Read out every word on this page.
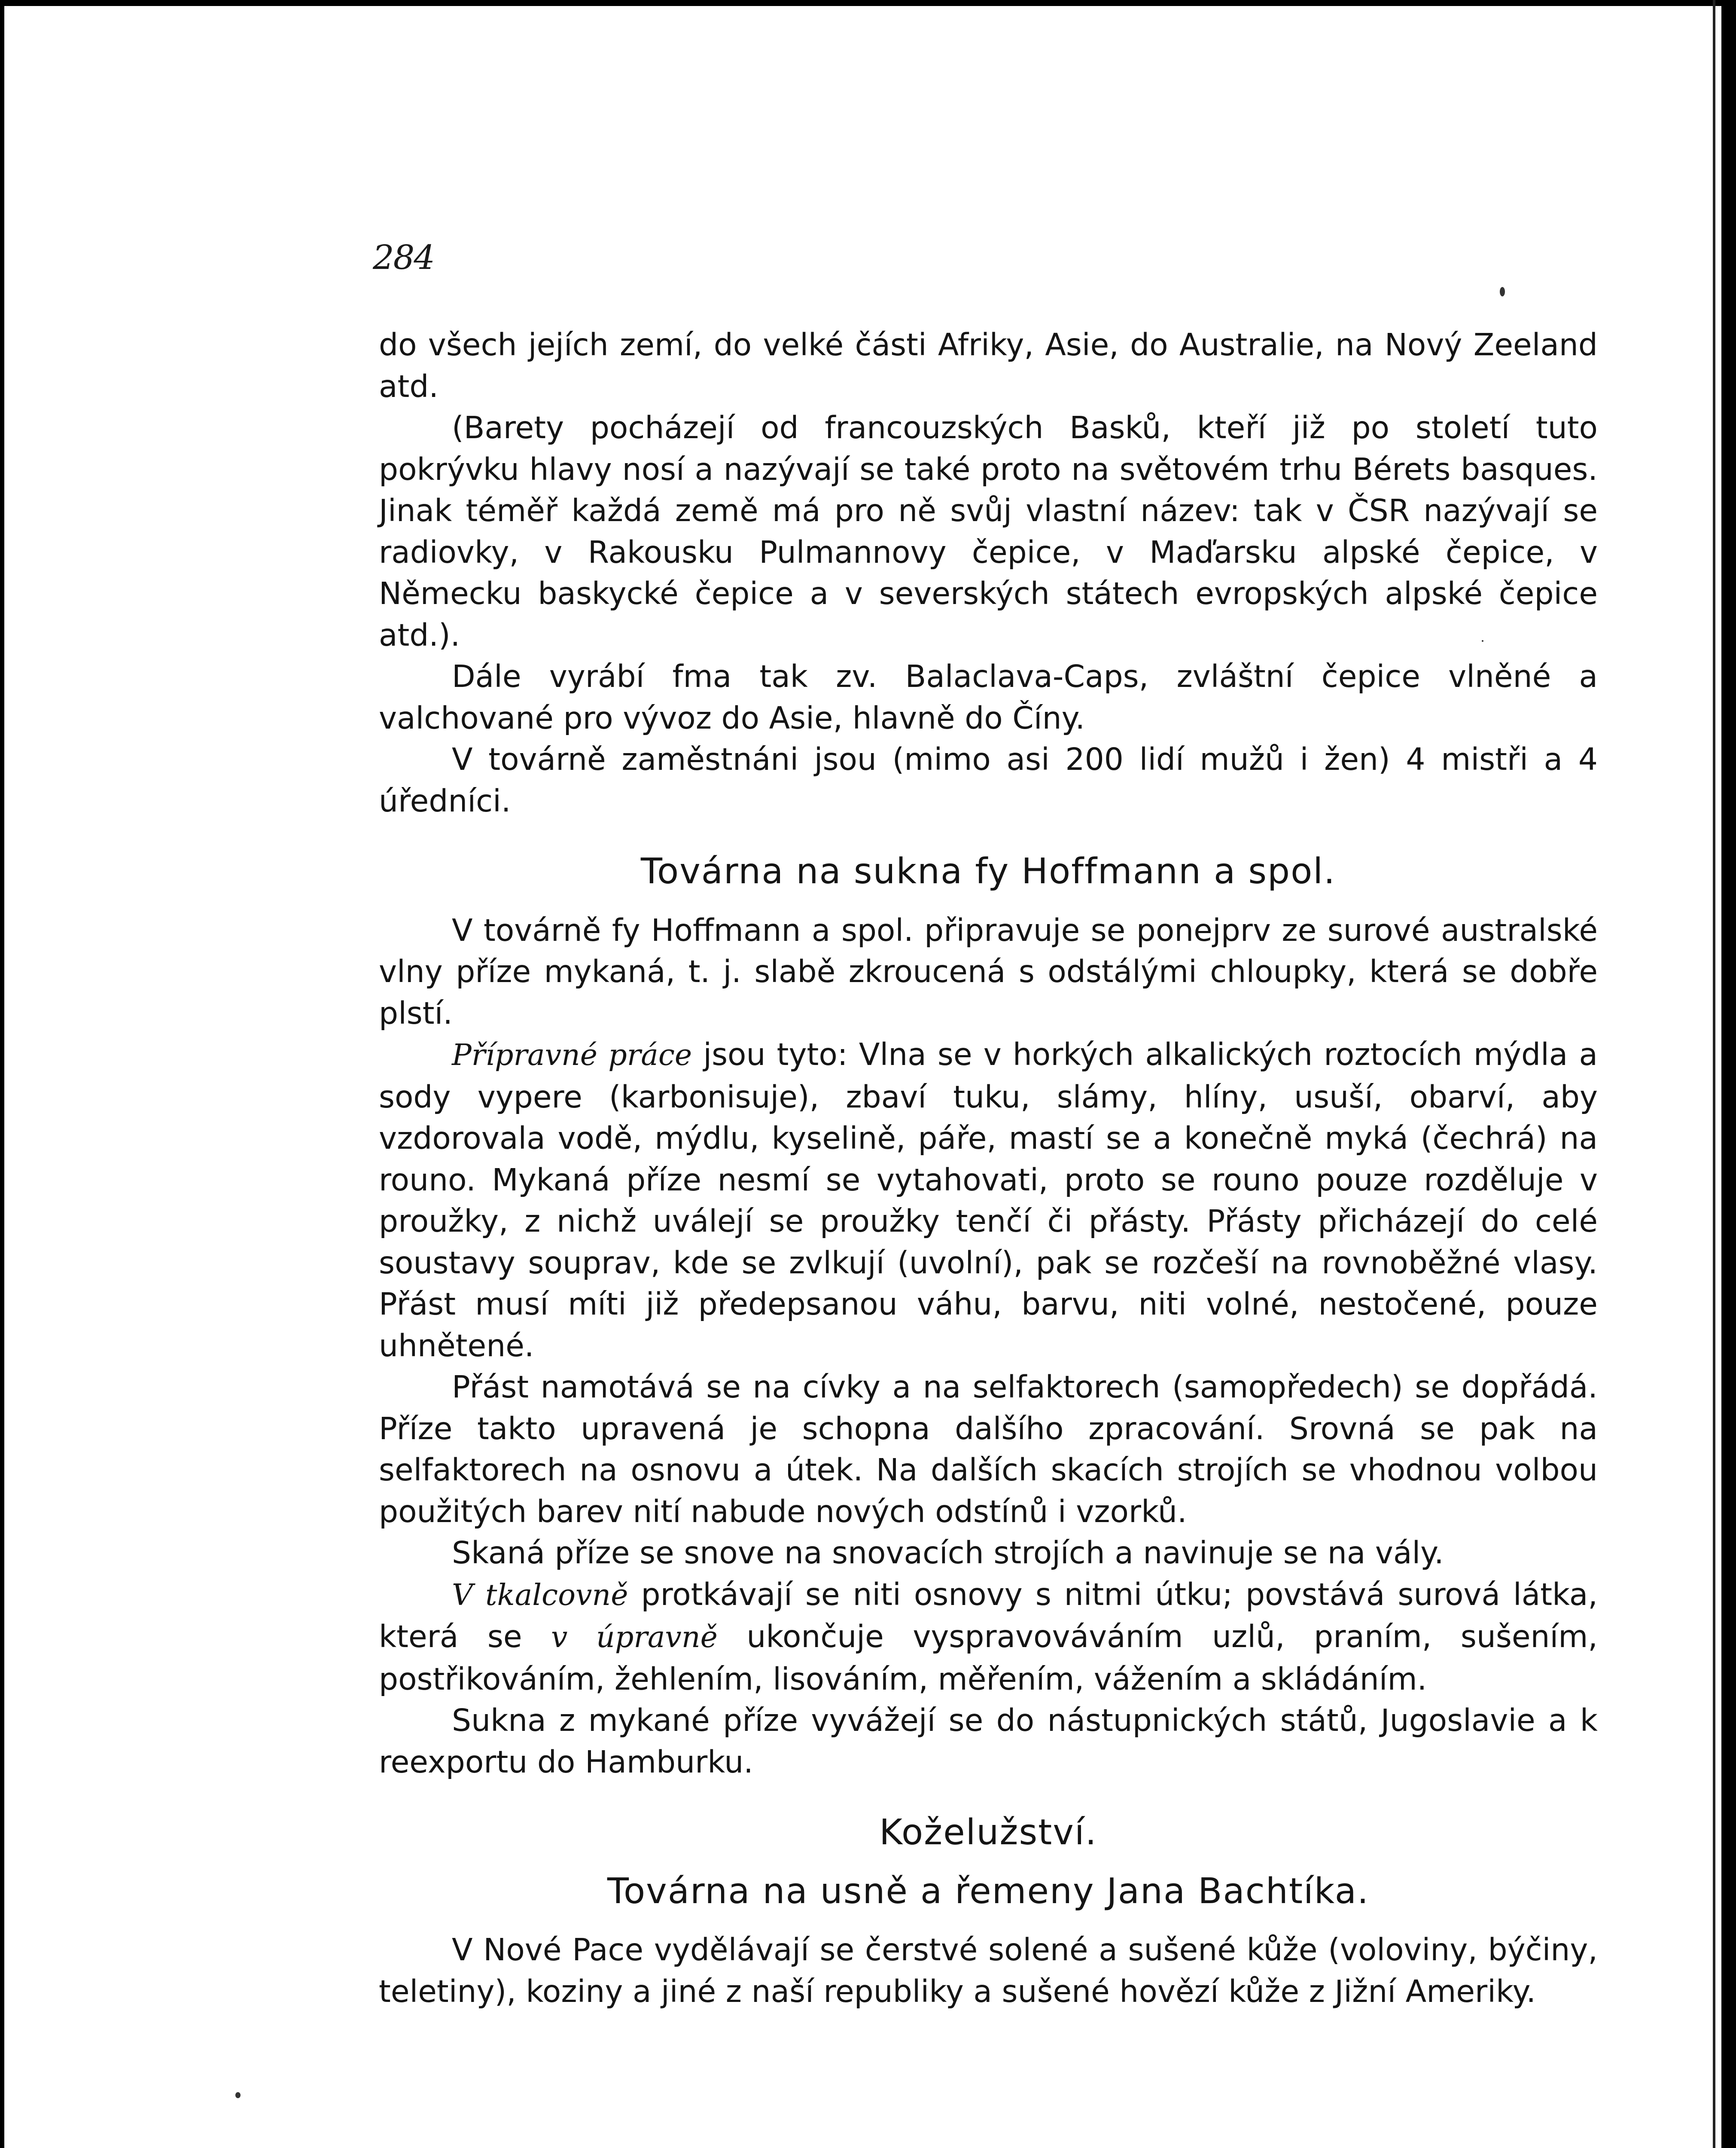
284

do všech jejích zemí, do velké části Afriky, Asie, do Australie, na Nový Zeeland atd.

(Barety pocházejí od francouzských Basků, kteří již po století tuto pokrývku hlavy nosí a nazývají se také proto na světovém trhu Bérets basques. Jinak téměř každá země má pro ně svůj vlastní název: tak v ČSR nazývají se radiovky, v Rakousku Pulmannovy čepice, v Maďarsku alpské čepice, v Německu baskycké čepice a v severských státech evropských alpské čepice atd.).

Dále vyrábí fma tak zv. Balaclava-Caps, zvláštní čepice vlněné a valchované pro vývoz do Asie, hlavně do Číny.

V továrně zaměstnáni jsou (mimo asi 200 lidí mužů i žen) 4 mistři a 4 úředníci.

Továrna na sukna fy Hoffmann a spol.

V továrně fy Hoffmann a spol. připravuje se ponejprv ze surové australské vlny příze mykaná, t. j. slabě zkroucená s odstálými chloupky, která se dobře plstí.

Přípravné práce jsou tyto: Vlna se v horkých alkalických roztocích mýdla a sody vypere (karbonisuje), zbaví tuku, slámy, hlíny, usuší, obarví, aby vzdorovala vodě, mýdlu, kyselině, páře, mastí se a konečně myká (čechrá) na rouno. Mykaná příze nesmí se vytahovati, proto se rouno pouze rozděluje v proužky, z nichž uválejí se proužky tenčí či přásty. Přásty přicházejí do celé soustavy souprav, kde se zvlkují (uvolní), pak se rozčeší na rovnoběžné vlasy. Přást musí míti již předepsanou váhu, barvu, niti volné, nestočené, pouze uhnětené.

Přást namotává se na cívky a na selfaktorech (samopředech) se dopřádá. Příze takto upravená je schopna dalšího zpracování. Srovná se pak na selfaktorech na osnovu a útek. Na dalších skacích strojích se vhodnou volbou použitých barev nití nabude nových odstínů i vzorků.

Skaná příze se snove na snovacích strojích a navinuje se na vály.

V tkalcovně protkávají se niti osnovy s nitmi útku; povstává surová látka, která se v úpravně ukončuje vyspravováváním uzlů, praním, sušením, postřikováním, žehlením, lisováním, měřením, vážením a skládáním.

Sukna z mykané příze vyvážejí se do nástupnických států, Jugoslavie a k reexportu do Hamburku.

Koželužství.
Továrna na usně a řemeny Jana Bachtíka.

V Nové Pace vydělávají se čerstvé solené a sušené kůže (voloviny, býčiny, teletiny), koziny a jiné z naší republiky a sušené hovězí kůže z Jižní Ameriky.
